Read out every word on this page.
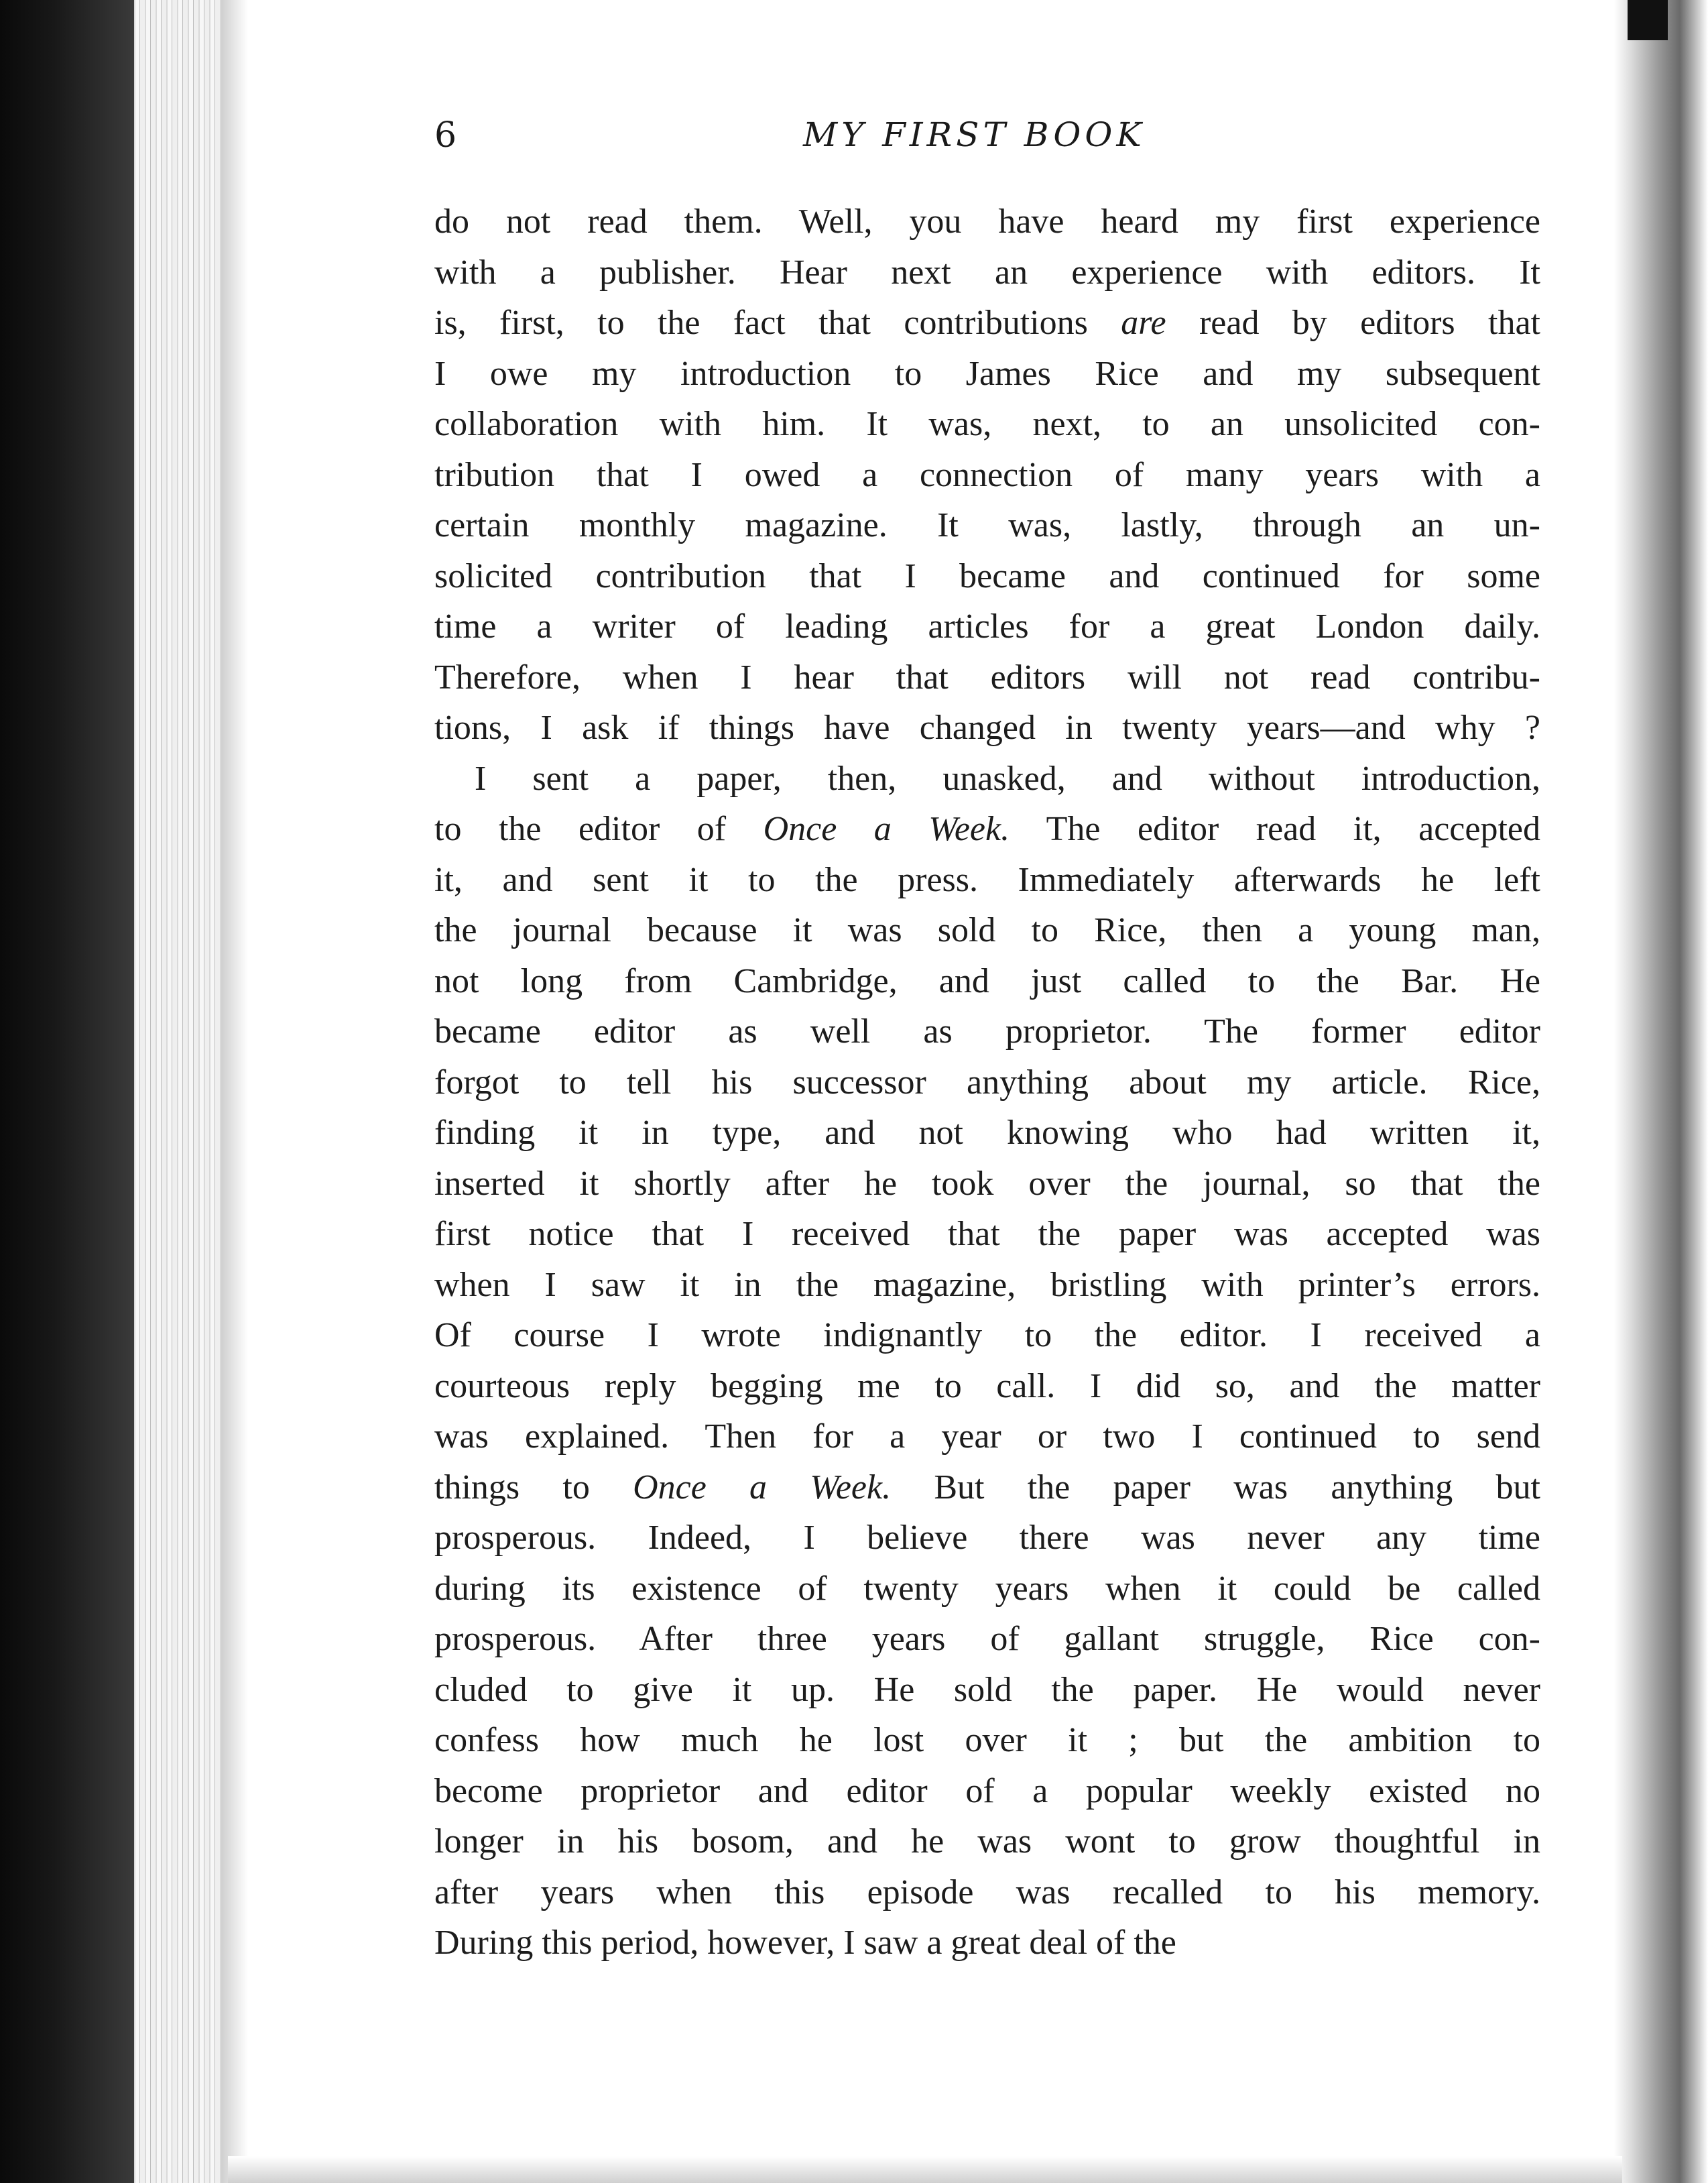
6	MY FIRST BOOK
do not read them. Well, you have heard my first experience
with a publisher. Hear next an experience with editors. It
is, first, to the fact that contributions are read by editors that
I owe my introduction to James Rice and my subsequent
collaboration with him. It was, next, to an unsolicited con-
tribution that I owed a connection of many years with a
certain monthly magazine. It was, lastly, through an un-
solicited contribution that I became and continued for some
time a writer of leading articles for a great London daily.
Therefore, when I hear that editors will not read contribu-
tions, I ask if things have changed in twenty years—and why ?
I sent a paper, then, unasked, and without introduction,
to the editor of Once a Week. The editor read it, accepted
it, and sent it to the press. Immediately afterwards he left
the journal because it was sold to Rice, then a young man,
not long from Cambridge, and just called to the Bar. He
became editor as well as proprietor. The former editor
forgot to tell his successor anything about my article. Rice,
finding it in type, and not knowing who had written it,
inserted it shortly after he took over the journal, so that the
first notice that I received that the paper was accepted was
when I saw it in the magazine, bristling with printer’s errors.
Of course I wrote indignantly to the editor. I received a
courteous reply begging me to call. I did so, and the matter
was explained. Then for a year or two I continued to send
things to Once a Week. But the paper was anything but
prosperous. Indeed, I believe there was never any time
during its existence of twenty years when it could be called
prosperous. After three years of gallant struggle, Rice con-
cluded to give it up. He sold the paper. He would never
confess how much he lost over it ; but the ambition to
become proprietor and editor of a popular weekly existed no
longer in his bosom, and he was wont to grow thoughtful in
after years when this episode was recalled to his memory.
During this period, however, I saw a great deal of the
